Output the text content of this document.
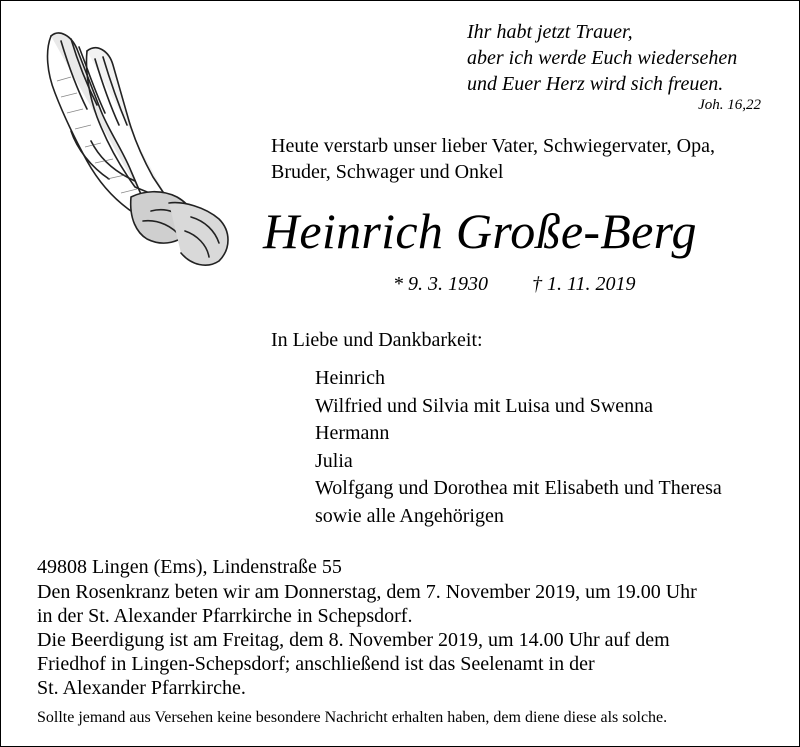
Ihr habt jetzt Trauer,
aber ich werde Euch wiedersehen
und Euer Herz wird sich freuen.
Joh. 16,22
Heute verstarb unser lieber Vater, Schwiegervater, Opa,
Bruder, Schwager und Onkel
Heinrich Große-Berg
* 9. 3. 1930 † 1. 11. 2019
In Liebe und Dankbarkeit:
Heinrich
Wilfried und Silvia mit Luisa und Swenna
Hermann
Julia
Wolfgang und Dorothea mit Elisabeth und Theresa
sowie alle Angehörigen
49808 Lingen (Ems), Lindenstraße 55
Den Rosenkranz beten wir am Donnerstag, dem 7. November 2019, um 19.00 Uhr
in der St. Alexander Pfarrkirche in Schepsdorf.
Die Beerdigung ist am Freitag, dem 8. November 2019, um 14.00 Uhr auf dem
Friedhof in Lingen-Schepsdorf; anschließend ist das Seelenamt in der
St. Alexander Pfarrkirche.
Sollte jemand aus Versehen keine besondere Nachricht erhalten haben, dem diene diese als solche.
